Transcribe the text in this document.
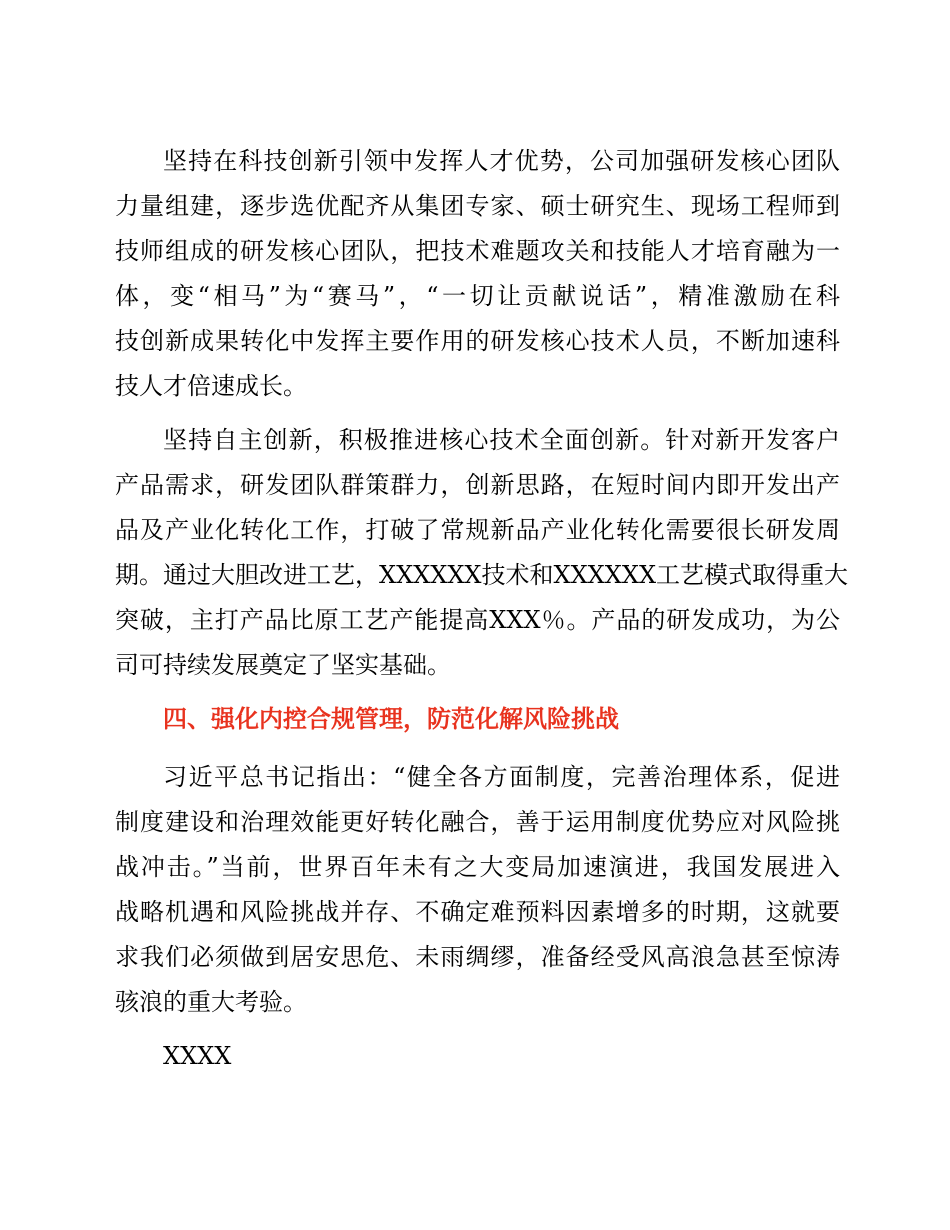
坚持在科技创新引领中发挥人才优势，公司加强研发核心团队
力量组建，逐步选优配齐从集团专家、硕士研究生、现场工程师到
技师组成的研发核心团队，把技术难题攻关和技能人才培育融为一
体，变“相马”为“赛马”，“一切让贡献说话”，精准激励在科
技创新成果转化中发挥主要作用的研发核心技术人员，不断加速科
技人才倍速成长。
坚持自主创新，积极推进核心技术全面创新。针对新开发客户
产品需求，研发团队群策群力，创新思路，在短时间内即开发出产
品及产业化转化工作，打破了常规新品产业化转化需要很长研发周
期。通过大胆改进工艺，XXXXXX技术和XXXXXX工艺模式取得重大
突破，主打产品比原工艺产能提高XXX％。产品的研发成功，为公
司可持续发展奠定了坚实基础。
四、强化内控合规管理，防范化解风险挑战
习近平总书记指出：“健全各方面制度，完善治理体系，促进
制度建设和治理效能更好转化融合，善于运用制度优势应对风险挑
战冲击。”当前，世界百年未有之大变局加速演进，我国发展进入
战略机遇和风险挑战并存、不确定难预料因素增多的时期，这就要
求我们必须做到居安思危、未雨绸缪，准备经受风高浪急甚至惊涛
骇浪的重大考验。
XXXX
